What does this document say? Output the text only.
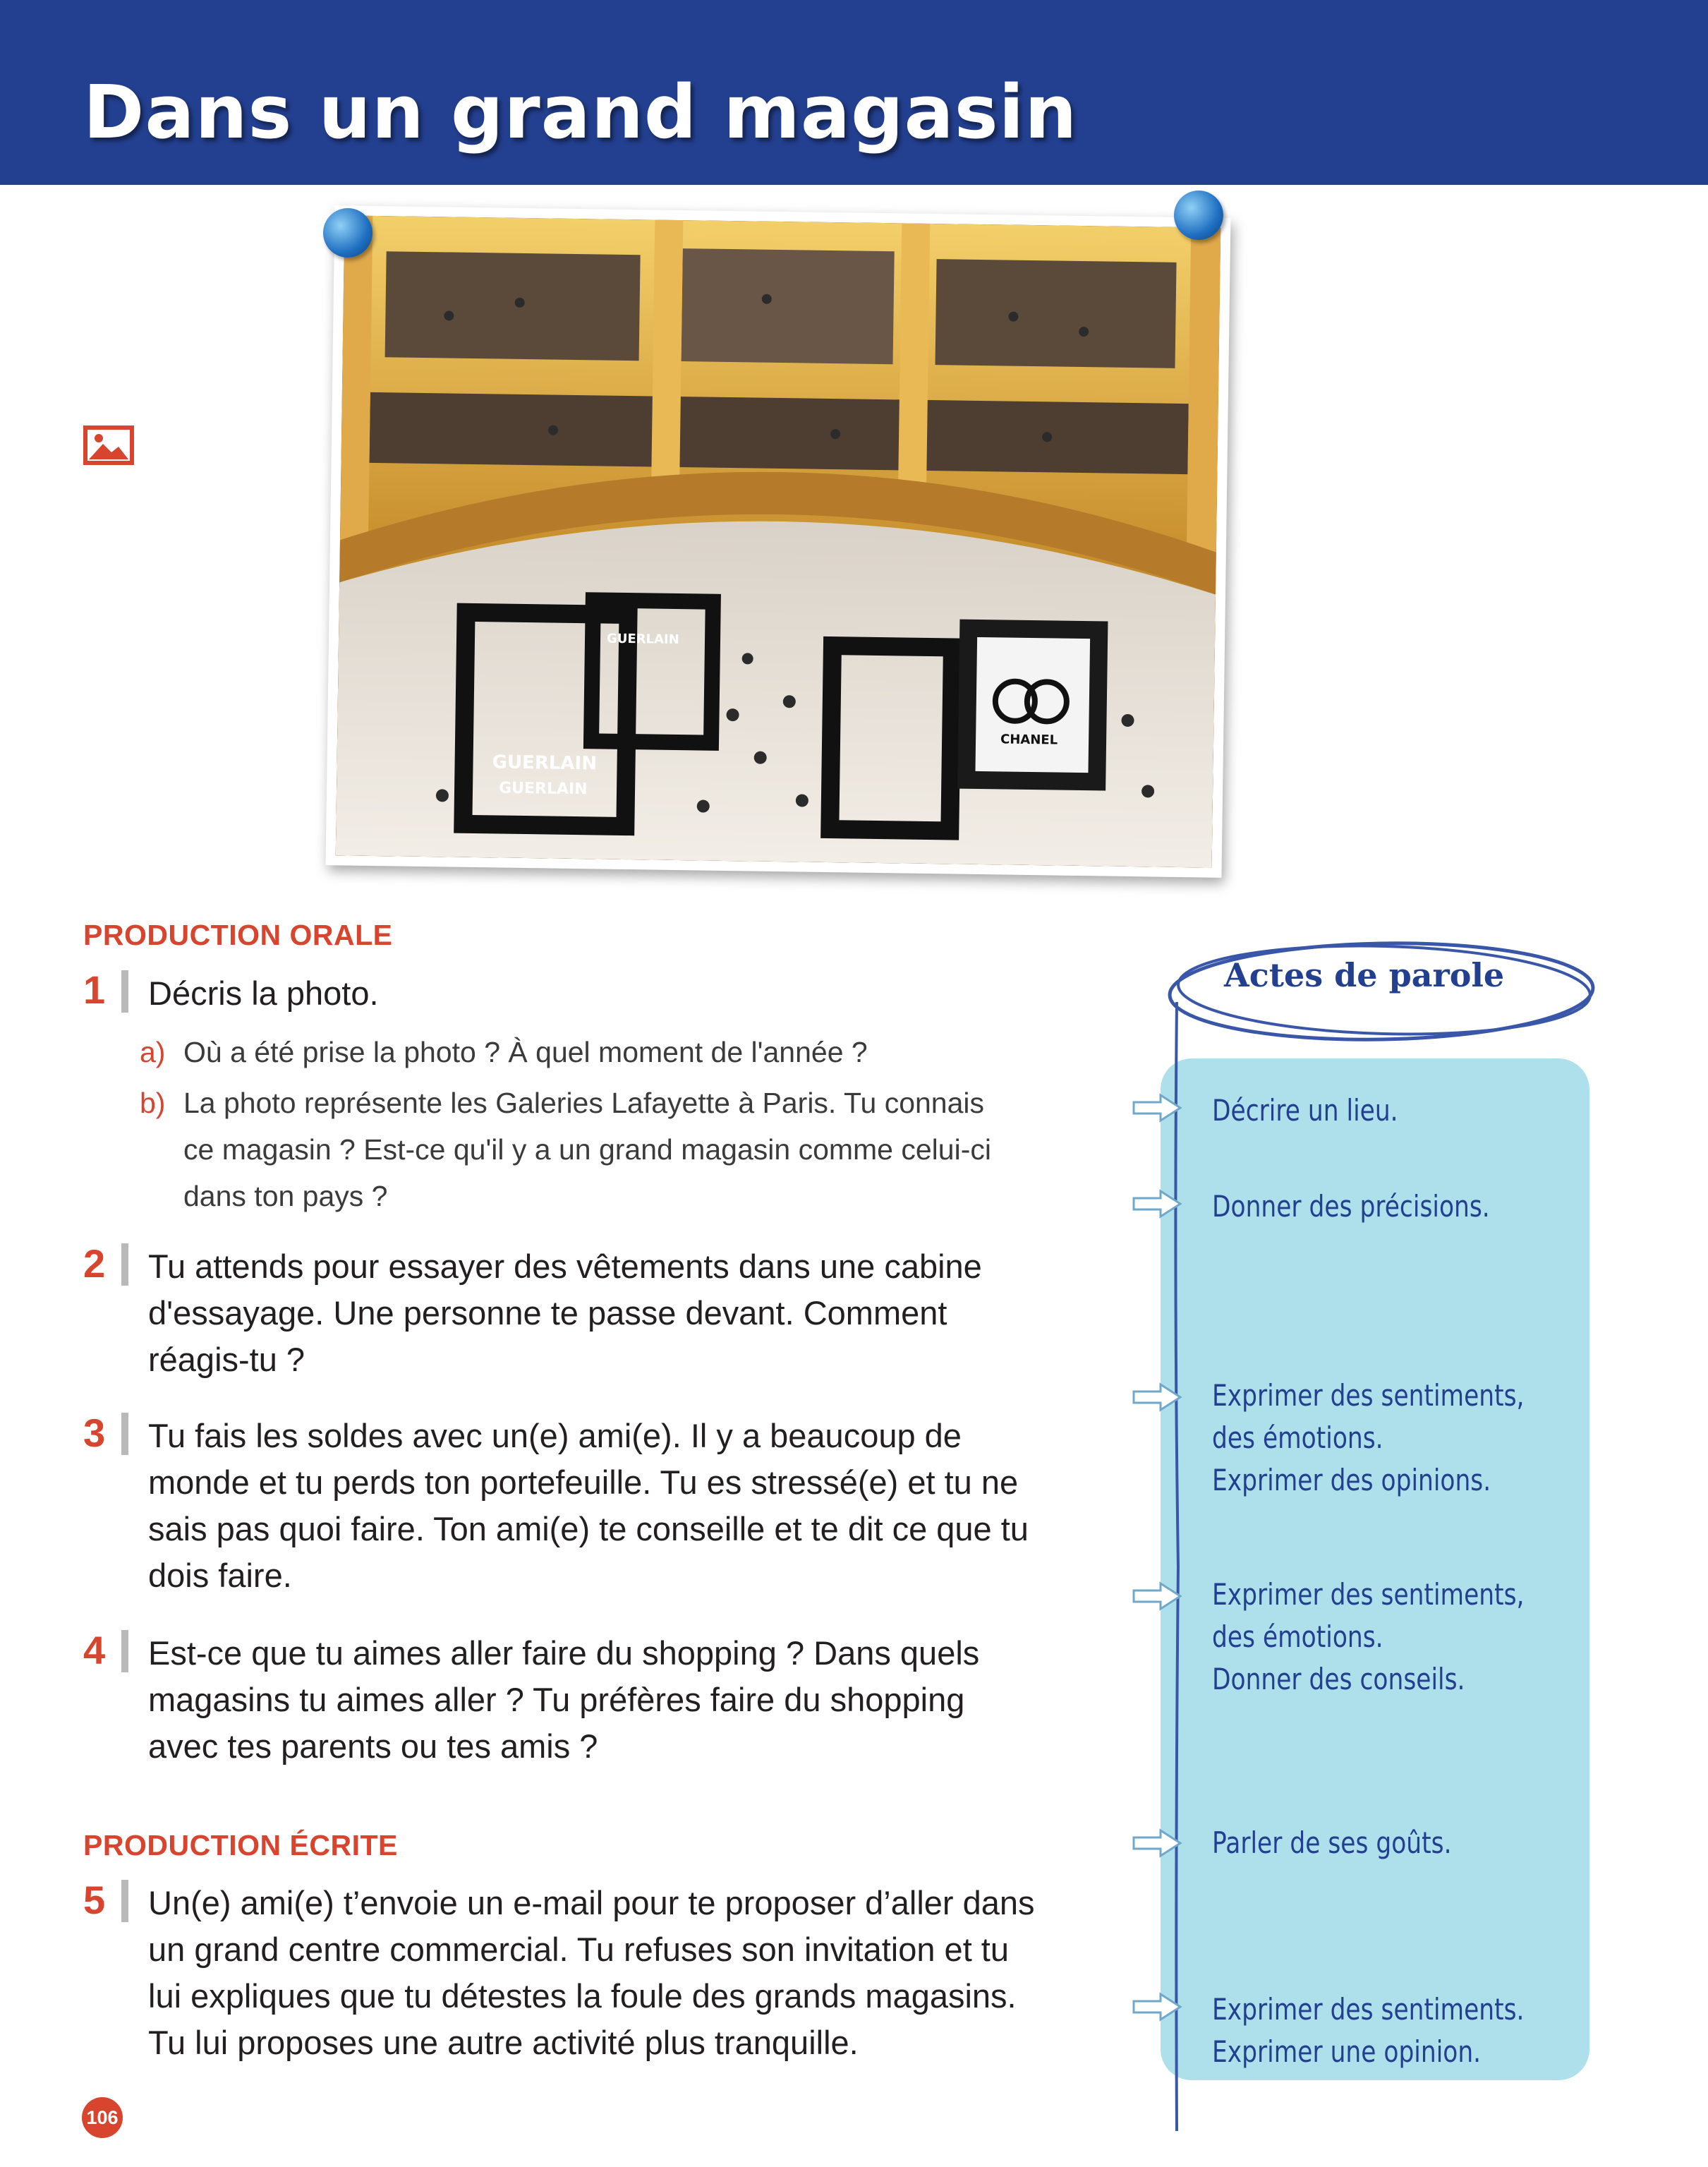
Dans un grand magasin
GUERLAIN
GUERLAIN
GUERLAIN
CHANEL
PRODUCTION ORALE
1 Décris la photo.
a) Où a été prise la photo ? À quel moment de l'année ?
b) La photo représente les Galeries Lafayette à Paris. Tu connais
ce magasin ? Est-ce qu'il y a un grand magasin comme celui-ci
dans ton pays ?
2 Tu attends pour essayer des vêtements dans une cabine
d'essayage. Une personne te passe devant. Comment
réagis-tu ?
3 Tu fais les soldes avec un(e) ami(e). Il y a beaucoup de
monde et tu perds ton portefeuille. Tu es stressé(e) et tu ne
sais pas quoi faire. Ton ami(e) te conseille et te dit ce que tu
dois faire.
4 Est-ce que tu aimes aller faire du shopping ? Dans quels
magasins tu aimes aller ? Tu préfères faire du shopping
avec tes parents ou tes amis ?
PRODUCTION ÉCRITE
5 Un(e) ami(e) t’envoie un e-mail pour te proposer d’aller dans
un grand centre commercial. Tu refuses son invitation et tu
lui expliques que tu détestes la foule des grands magasins.
Tu lui proposes une autre activité plus tranquille.
Actes de parole
Décrire un lieu.
Donner des précisions.
Exprimer des sentiments,
des émotions.
Exprimer des opinions.
Exprimer des sentiments,
des émotions.
Donner des conseils.
Parler de ses goûts.
Exprimer des sentiments.
Exprimer une opinion.
106
